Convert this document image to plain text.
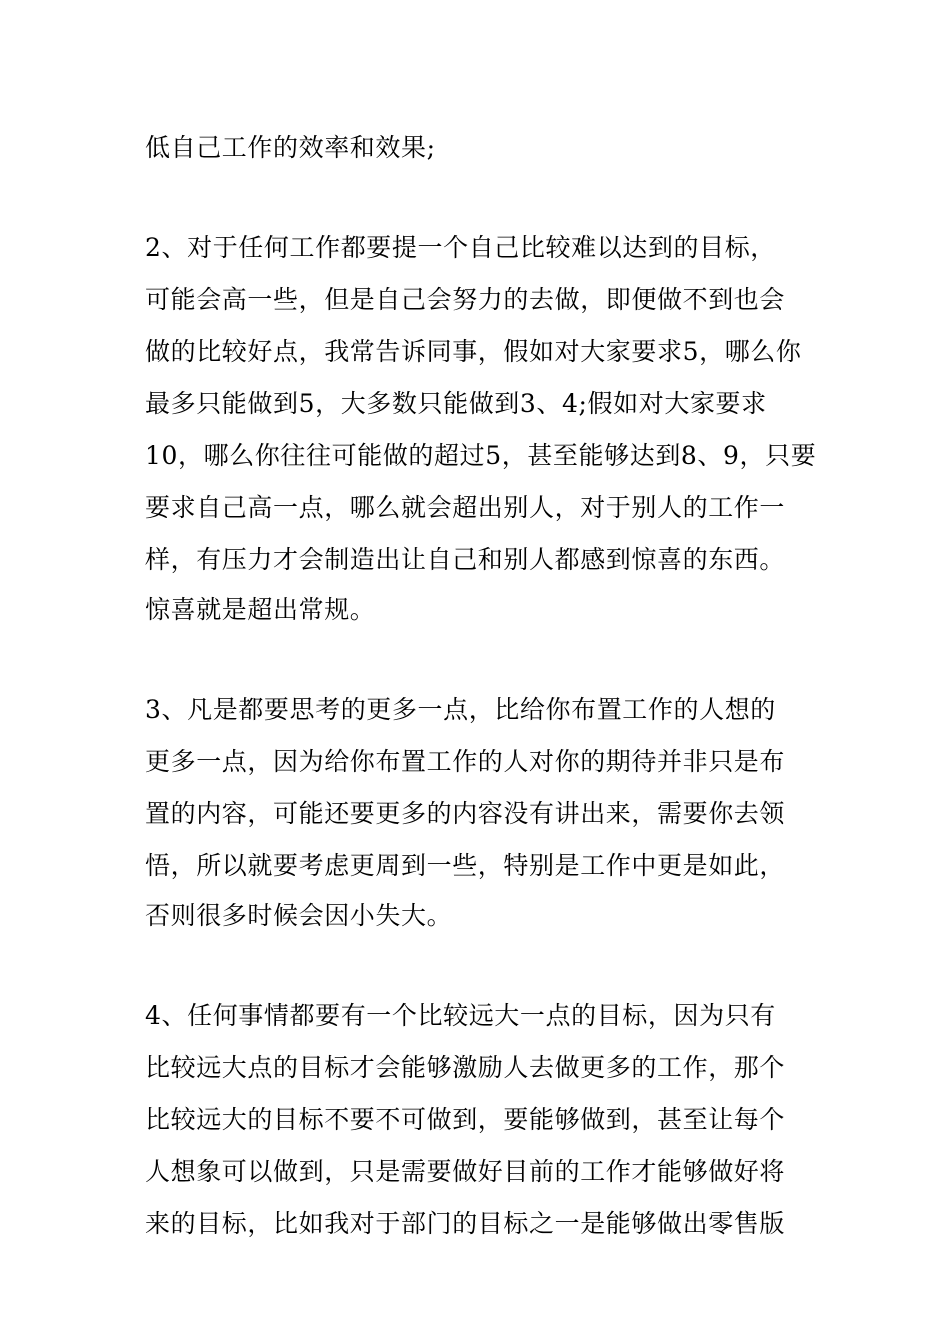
低自己工作的效率和效果;
2、对于任何工作都要提一个自己比较难以达到的目标，
可能会高一些，但是自己会努力的去做，即便做不到也会
做的比较好点，我常告诉同事，假如对大家要求5，哪么你
最多只能做到5，大多数只能做到3、4;假如对大家要求
10，哪么你往往可能做的超过5，甚至能够达到8、9，只要
要求自己高一点，哪么就会超出别人，对于别人的工作一
样，有压力才会制造出让自己和别人都感到惊喜的东西。
惊喜就是超出常规。
3、凡是都要思考的更多一点，比给你布置工作的人想的
更多一点，因为给你布置工作的人对你的期待并非只是布
置的内容，可能还要更多的内容没有讲出来，需要你去领
悟，所以就要考虑更周到一些，特别是工作中更是如此，
否则很多时候会因小失大。
4、任何事情都要有一个比较远大一点的目标，因为只有
比较远大点的目标才会能够激励人去做更多的工作，那个
比较远大的目标不要不可做到，要能够做到，甚至让每个
人想象可以做到，只是需要做好目前的工作才能够做好将
来的目标，比如我对于部门的目标之一是能够做出零售版
